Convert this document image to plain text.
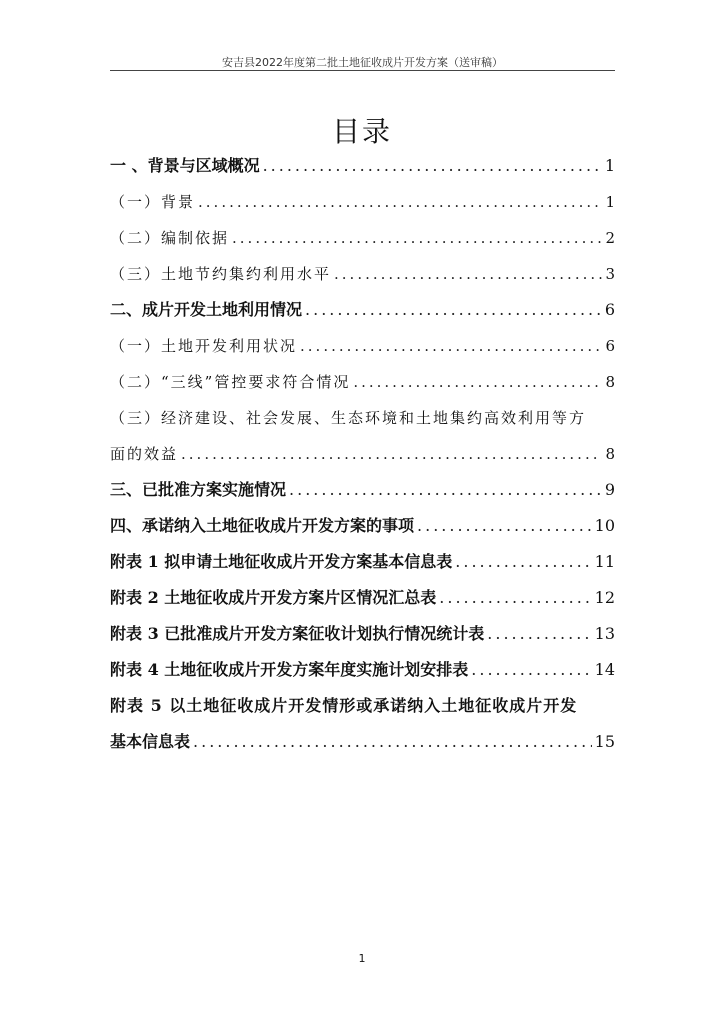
安吉县2022年度第二批土地征收成片开发方案（送审稿）
目录
一 、背景与区域概况 .....	1
（一）背景 .....	1
（二）编制依据 .....	2
（三）土地节约集约利用水平 .....	3
二、成片开发土地利用情况 .....	6
（一）土地开发利用状况 .....	6
（二）“三线”管控要求符合情况 .....	8
（三）经济建设、社会发展、生态环境和土地集约高效利用等方
面的效益 .....	8
三、已批准方案实施情况 .....	9
四、承诺纳入土地征收成片开发方案的事项 .....	10
附表 1 拟申请土地征收成片开发方案基本信息表 .....	11
附表 2 土地征收成片开发方案片区情况汇总表 .....	12
附表 3 已批准成片开发方案征收计划执行情况统计表 .....	13
附表 4 土地征收成片开发方案年度实施计划安排表 .....	14
附表 5 以土地征收成片开发情形或承诺纳入土地征收成片开发
基本信息表 .....	15
1
